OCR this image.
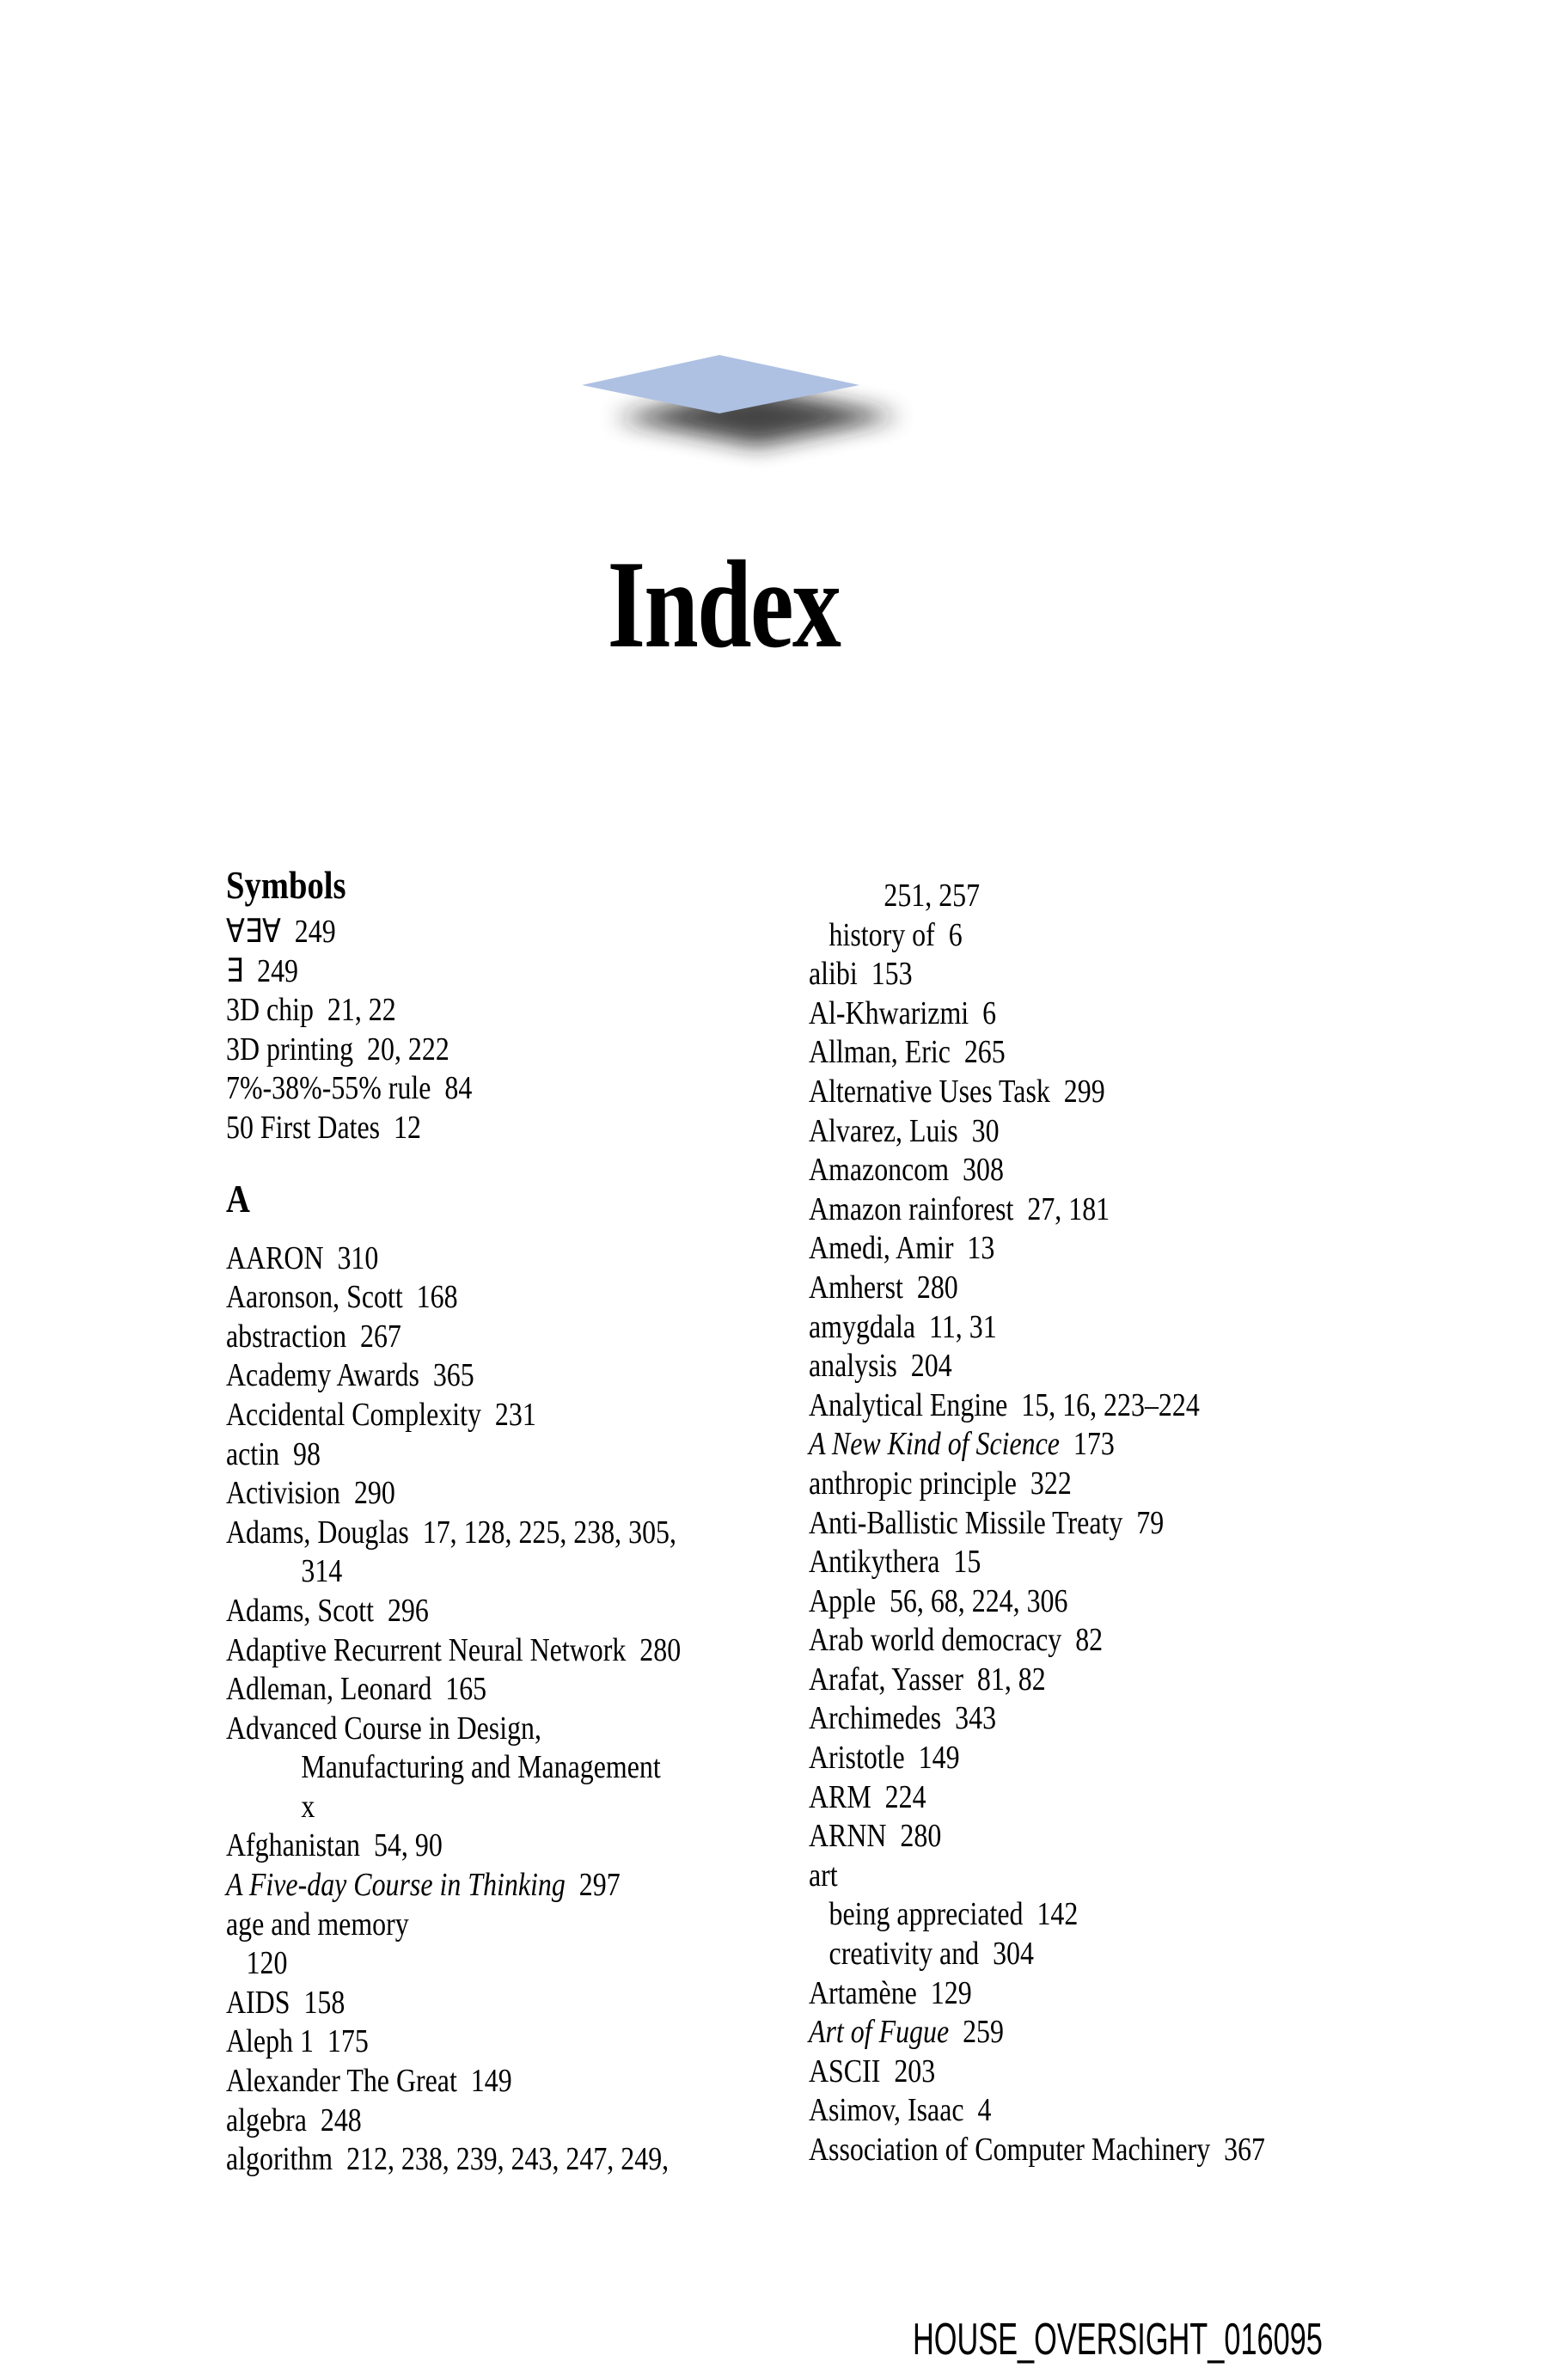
Index
Symbols
∀∃∀  249
∃  249
3D chip  21, 22
3D printing  20, 222
7%-38%-55% rule  84
50 First Dates  12
A
AARON  310
Aaronson, Scott  168
abstraction  267
Academy Awards  365
Accidental Complexity  231
actin  98
Activision  290
Adams, Douglas  17, 128, 225, 238, 305,
314
Adams, Scott  296
Adaptive Recurrent Neural Network  280
Adleman, Leonard  165
Advanced Course in Design,
Manufacturing and Management
x
Afghanistan  54, 90
A Five-day Course in Thinking  297
age and memory
120
AIDS  158
Aleph 1  175
Alexander The Great  149
algebra  248
algorithm  212, 238, 239, 243, 247, 249,
251, 257
history of  6
alibi  153
Al-Khwarizmi  6
Allman, Eric  265
Alternative Uses Task  299
Alvarez, Luis  30
Amazoncom  308
Amazon rainforest  27, 181
Amedi, Amir  13
Amherst  280
amygdala  11, 31
analysis  204
Analytical Engine  15, 16, 223–224
A New Kind of Science  173
anthropic principle  322
Anti-Ballistic Missile Treaty  79
Antikythera  15
Apple  56, 68, 224, 306
Arab world democracy  82
Arafat, Yasser  81, 82
Archimedes  343
Aristotle  149
ARM  224
ARNN  280
art
being appreciated  142
creativity and  304
Artamène  129
Art of Fugue  259
ASCII  203
Asimov, Isaac  4
Association of Computer Machinery  367
HOUSE_OVERSIGHT_016095
